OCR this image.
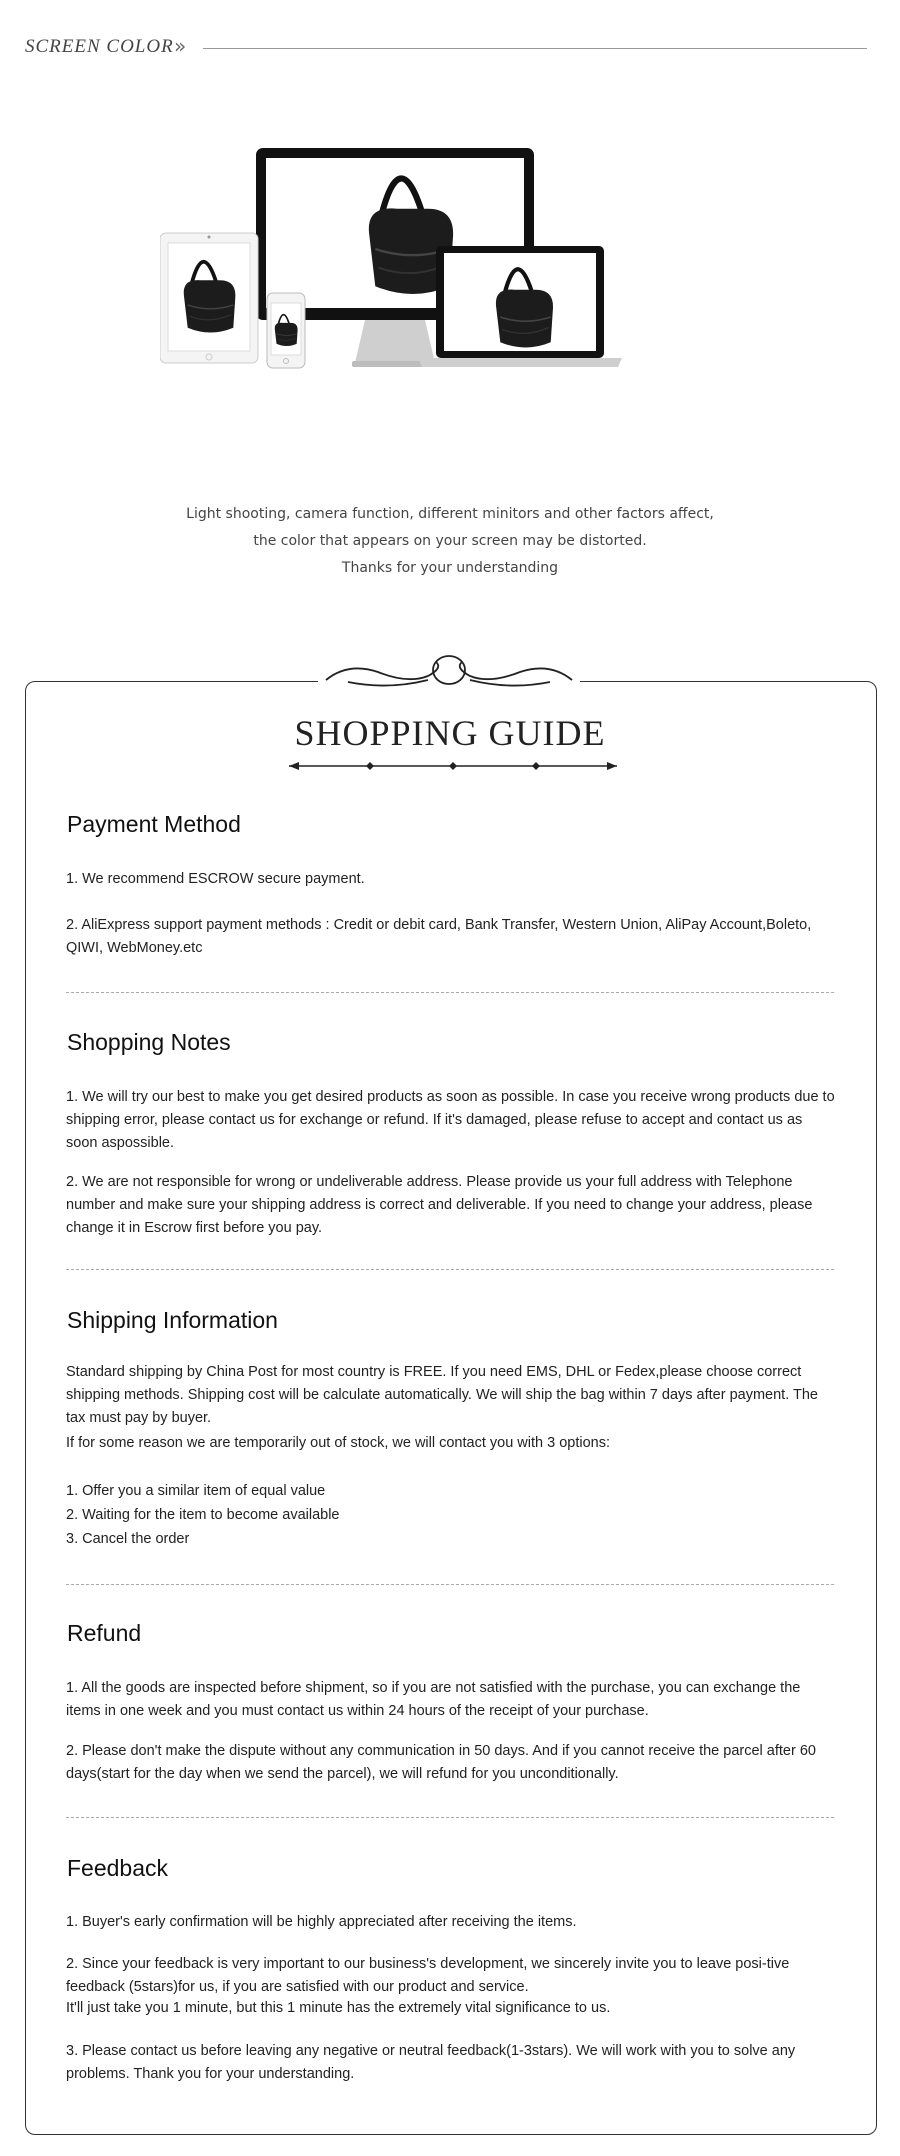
SCREEN COLOR »
Light shooting, camera function, different minitors and other factors affect,
the color that appears on your screen may be distorted.
Thanks for your understanding
SHOPPING GUIDE
Payment Method

1. We recommend ESCROW secure payment.

2. AliExpress support payment methods : Credit or debit card, Bank Transfer, Western Union, AliPay Account,Boleto, QIWI, WebMoney.etc

Shopping Notes

1. We will try our best to make you get desired products as soon as possible. In case you receive wrong products due to shipping error, please contact us for exchange or refund. If it's damaged, please refuse to accept and contact us as soon aspossible.

2. We are not responsible for wrong or undeliverable address. Please provide us your full address with Telephone number and make sure your shipping address is correct and deliverable. If you need to change your address, please change it in Escrow first before you pay.

Shipping Information

Standard shipping by China Post for most country is FREE. If you need EMS, DHL or Fedex,please choose correct shipping methods. Shipping cost will be calculate automatically. We will ship the bag within 7 days after payment. The tax must pay by buyer.

If for some reason we are temporarily out of stock, we will contact you with 3 options:

1. Offer you a similar item of equal value

2. Waiting for the item to become available

3. Cancel the order

Refund

1. All the goods are inspected before shipment, so if you are not satisfied with the purchase, you can exchange the items in one week and you must contact us within 24 hours of the receipt of your purchase.

2. Please don't make the dispute without any communication in 50 days. And if you cannot receive the parcel after 60 days(start for the day when we send the parcel), we will refund for you unconditionally.

Feedback

1. Buyer's early confirmation will be highly appreciated after receiving the items.

2. Since your feedback is very important to our business's development, we sincerely invite you to leave posi-tive feedback (5stars)for us, if you are satisfied with our product and service.

It'll just take you 1 minute, but this 1 minute has the extremely vital significance to us.

3. Please contact us before leaving any negative or neutral feedback(1-3stars). We will work with you to solve any problems. Thank you for your understanding.
